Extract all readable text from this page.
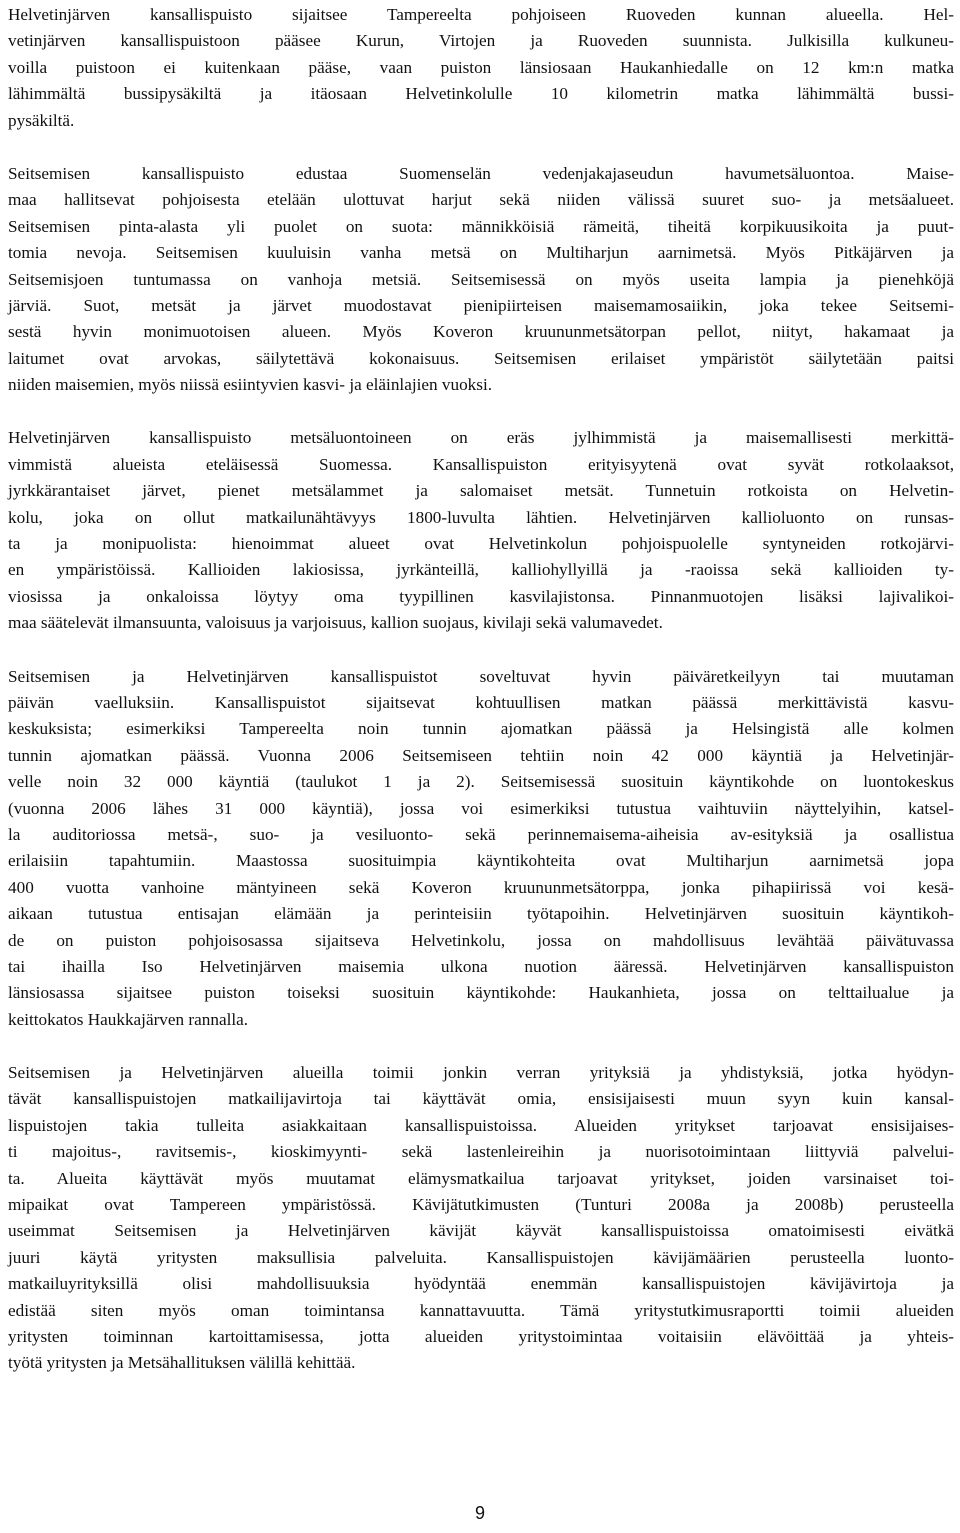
Helvetinjärven kansallispuisto sijaitsee Tampereelta pohjoiseen Ruoveden kunnan alueella. Hel-
vetinjärven kansallispuistoon pääsee Kurun, Virtojen ja Ruoveden suunnista. Julkisilla kulkuneu-
voilla puistoon ei kuitenkaan pääse, vaan puiston länsiosaan Haukanhiedalle on 12 km:n matka
lähimmältä bussipysäkiltä ja itäosaan Helvetinkolulle 10 kilometrin matka lähimmältä bussi-
pysäkiltä.
Seitsemisen kansallispuisto edustaa Suomenselän vedenjakajaseudun havumetsäluontoa. Maise-
maa hallitsevat pohjoisesta etelään ulottuvat harjut sekä niiden välissä suuret suo- ja metsäalueet.
Seitsemisen pinta-alasta yli puolet on suota: männikköisiä rämeitä, tiheitä korpikuusikoita ja puut-
tomia nevoja. Seitsemisen kuuluisin vanha metsä on Multiharjun aarnimetsä. Myös Pitkäjärven ja
Seitsemisjoen tuntumassa on vanhoja metsiä. Seitsemisessä on myös useita lampia ja pienehköjä
järviä. Suot, metsät ja järvet muodostavat pienipiirteisen maisemamosaiikin, joka tekee Seitsemi-
sestä hyvin monimuotoisen alueen. Myös Koveron kruununmetsätorpan pellot, niityt, hakamaat ja
laitumet ovat arvokas, säilytettävä kokonaisuus. Seitsemisen erilaiset ympäristöt säilytetään paitsi
niiden maisemien, myös niissä esiintyvien kasvi- ja eläinlajien vuoksi.
Helvetinjärven kansallispuisto metsäluontoineen on eräs jylhimmistä ja maisemallisesti merkittä-
vimmistä alueista eteläisessä Suomessa. Kansallispuiston erityisyytenä ovat syvät rotkolaaksot,
jyrkkärantaiset järvet, pienet metsälammet ja salomaiset metsät. Tunnetuin rotkoista on Helvetin-
kolu, joka on ollut matkailunähtävyys 1800-luvulta lähtien. Helvetinjärven kallioluonto on runsas-
ta ja monipuolista: hienoimmat alueet ovat Helvetinkolun pohjoispuolelle syntyneiden rotkojärvi-
en ympäristöissä. Kallioiden lakiosissa, jyrkänteillä, kalliohyllyillä ja -raoissa sekä kallioiden ty-
viosissa ja onkaloissa löytyy oma tyypillinen kasvilajistonsa. Pinnanmuotojen lisäksi lajivalikoi-
maa säätelevät ilmansuunta, valoisuus ja varjoisuus, kallion suojaus, kivilaji sekä valumavedet.
Seitsemisen ja Helvetinjärven kansallispuistot soveltuvat hyvin päiväretkeilyyn tai muutaman
päivän vaelluksiin. Kansallispuistot sijaitsevat kohtuullisen matkan päässä merkittävistä kasvu-
keskuksista; esimerkiksi Tampereelta noin tunnin ajomatkan päässä ja Helsingistä alle kolmen
tunnin ajomatkan päässä. Vuonna 2006 Seitsemiseen tehtiin noin 42 000 käyntiä ja Helvetinjär-
velle noin 32 000 käyntiä (taulukot 1 ja 2). Seitsemisessä suosituin käyntikohde on luontokeskus
(vuonna 2006 lähes 31 000 käyntiä), jossa voi esimerkiksi tutustua vaihtuviin näyttelyihin, katsel-
la auditoriossa metsä-, suo- ja vesiluonto- sekä perinnemaisema-aiheisia av-esityksiä ja osallistua
erilaisiin tapahtumiin. Maastossa suosituimpia käyntikohteita ovat Multiharjun aarnimetsä jopa
400 vuotta vanhoine mäntyineen sekä Koveron kruununmetsätorppa, jonka pihapiirissä voi kesä-
aikaan tutustua entisajan elämään ja perinteisiin työtapoihin. Helvetinjärven suosituin käyntikoh-
de on puiston pohjoisosassa sijaitseva Helvetinkolu, jossa on mahdollisuus levähtää päivätuvassa
tai ihailla Iso Helvetinjärven maisemia ulkona nuotion ääressä. Helvetinjärven kansallispuiston
länsiosassa sijaitsee puiston toiseksi suosituin käyntikohde: Haukanhieta, jossa on telttailualue ja
keittokatos Haukkajärven rannalla.
Seitsemisen ja Helvetinjärven alueilla toimii jonkin verran yrityksiä ja yhdistyksiä, jotka hyödyn-
tävät kansallispuistojen matkailijavirtoja tai käyttävät omia, ensisijaisesti muun syyn kuin kansal-
lispuistojen takia tulleita asiakkaitaan kansallispuistoissa. Alueiden yritykset tarjoavat ensisijaises-
ti majoitus-, ravitsemis-, kioskimyynti- sekä lastenleireihin ja nuorisotoimintaan liittyviä palvelui-
ta. Alueita käyttävät myös muutamat elämysmatkailua tarjoavat yritykset, joiden varsinaiset toi-
mipaikat ovat Tampereen ympäristössä. Kävijätutkimusten (Tunturi 2008a ja 2008b) perusteella
useimmat Seitsemisen ja Helvetinjärven kävijät käyvät kansallispuistoissa omatoimisesti eivätkä
juuri käytä yritysten maksullisia palveluita. Kansallispuistojen kävijämäärien perusteella luonto-
matkailuyrityksillä olisi mahdollisuuksia hyödyntää enemmän kansallispuistojen kävijävirtoja ja
edistää siten myös oman toimintansa kannattavuutta. Tämä yritystutkimusraportti toimii alueiden
yritysten toiminnan kartoittamisessa, jotta alueiden yritystoimintaa voitaisiin elävöittää ja yhteis-
työtä yritysten ja Metsähallituksen välillä kehittää.
9
